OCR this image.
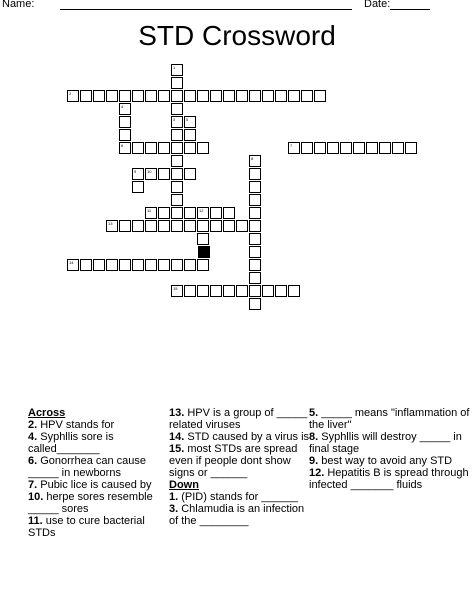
Name:	Date:
STD Crossword
1
3
2
4
5
6	7
8
9	10
11	12
13
14
15
Across
2. HPV stands for
4. Syphllis sore is called_______
6. Gonorrhea can cause _____ in newborns
7. Pubic lice is caused by
10. herpe sores resemble _____ sores
11. use to cure bacterial STDs
13. HPV is a group of _____ related viruses
14. STD caused by a virus is
15. most STDs are spread even if people dont show signs or ______
Down
1. (PID) stands for ______
3. Chlamudia is an infection of the ________
5. _____ means "inflammation of the liver"
8. Syphllis will destroy _____ in final stage
9. best way to avoid any STD
12. Hepatitis B is spread through infected _______ fluids
